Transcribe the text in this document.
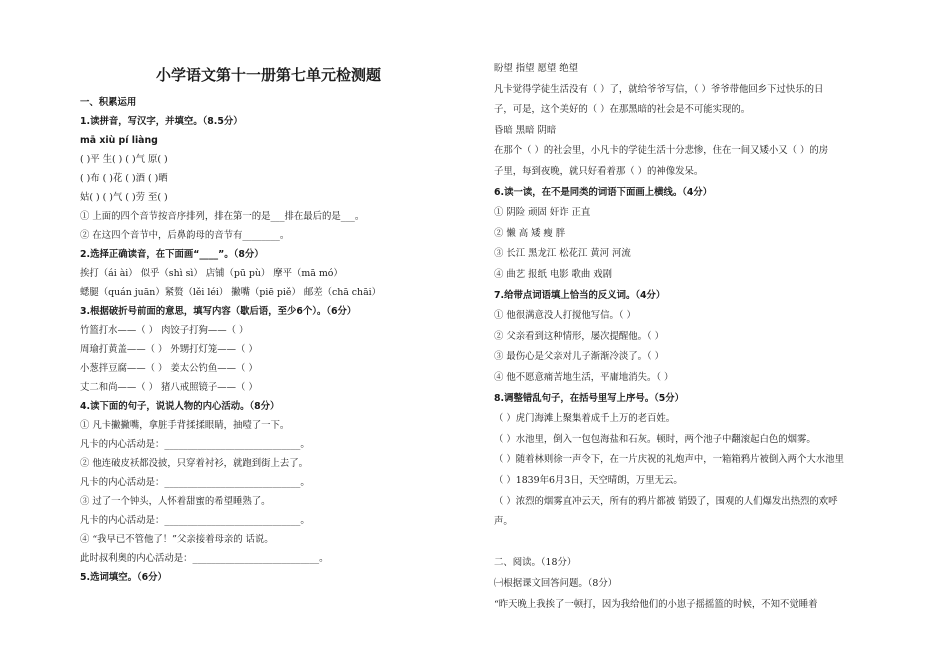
小学语文第十一册第七单元检测题
一、积累运用
1.读拼音，写汉字，并填空。（8.5分）
mā xiù pí liàng
( )平 生( ) ( )气 原( )
( )布 ( )花 ( )酒 ( )晒
姑( ) ( )气 ( )劳 至( )
① 上面的四个音节按音序排列，排在第一的是___排在最后的是___。
② 在这四个音节中，后鼻韵母的音节有________。
2.选择正确读音，在下面画“____”。（8分）
挨打（ái ài） 似乎（shì sì） 店铺（pū pù） 摩平（mā mó）
蟋腿（quán juān）紧赘（lěi léi） 撇嘴（piē piě） 邮差（chā chāi）
3.根据破折号前面的意思，填写内容（歇后语，至少6个）。（6分）
竹篮打水——（ ） 肉饺子打狗——（ ）
周瑜打黄盖——（ ） 外甥打灯笼——（ ）
小葱拌豆腐——（ ） 姜太公钓鱼——（ ）
丈二和尚——（ ） 猪八戒照镜子——（ ）
4.读下面的句子，说说人物的内心活动。（8分）
① 凡卡撇撇嘴，拿脏手背揉揉眼睛，抽噎了一下。
凡卡的内心活动是：_____________________________。
② 他连破皮袄都没披，只穿着衬衫，就跑到街上去了。
凡卡的内心活动是：_____________________________。
③ 过了一个钟头，人怀着甜蜜的希望睡熟了。
凡卡的内心活动是：_____________________________。
④ “我早已不管他了！”父亲接着母亲的 话说。
此时叔利奥的内心活动是：___________________________。
5.选词填空。（6分）
盼望 指望 愿望 绝望
凡卡觉得学徒生活没有（ ）了，就给爷爷写信，（ ）爷爷带他回乡下过快乐的日
子，可是，这个美好的（ ）在那黑暗的社会是不可能实现的。
昏暗 黑暗 阴暗
在那个（ ）的社会里，小凡卡的学徒生活十分悲惨，住在一间又矮小又（ ）的房
子里，每到夜晚，就只好看着那（ ）的神像发呆。
6.读一读，在不是同类的词语下面画上横线。（4分）
① 阴险 顽固 奸诈 正直
② 懒 高 矮 瘦 胖
③ 长江 黑龙江 松花江 黄河 河流
④ 曲艺 报纸 电影 歌曲 戏剧
7.给带点词语填上恰当的反义词。（4分）
① 他很满意没人打搅他写信。（ ）
② 父亲看到这种情形，屡次提醒他。（ ）
③ 最伤心是父亲对儿子渐渐冷淡了。（ ）
④ 他不愿意痛苦地生活，平庸地消失。（ ）
8.调整错乱句子，在括号里写上序号。（5分）
（ ）虎门海滩上聚集着成千上万的老百姓。
（ ）水池里，倒入一包包海盐和石灰。顿时，两个池子中翻滚起白色的烟雾。
（ ）随着林则徐一声令下，在一片庆祝的礼炮声中，一箱箱鸦片被倒入两个大水池里
（ ）1839年6月3日，天空晴朗，万里无云。
（ ）浓烈的烟雾直冲云天，所有的鸦片都被 销毁了，围观的人们爆发出热烈的欢呼
声。
二、阅读。（18分）
㈠根据课文回答问题。（8分）
“昨天晚上我挨了一顿打，因为我给他们的小崽子摇摇篮的时候，不知不觉睡着
